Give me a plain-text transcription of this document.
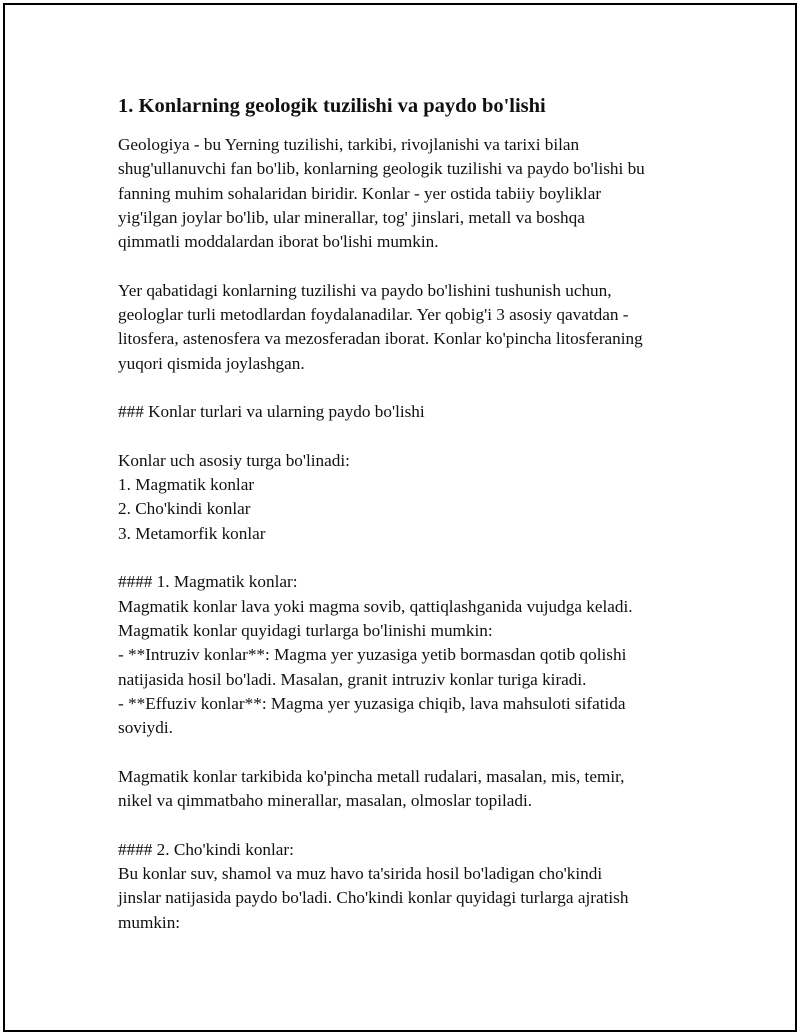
1. Konlarning geologik tuzilishi va paydo bo'lishi

Geologiya - bu Yerning tuzilishi, tarkibi, rivojlanishi va tarixi bilan
shug'ullanuvchi fan bo'lib, konlarning geologik tuzilishi va paydo bo'lishi bu
fanning muhim sohalaridan biridir. Konlar - yer ostida tabiiy boyliklar
yig'ilgan joylar bo'lib, ular minerallar, tog' jinslari, metall va boshqa
qimmatli moddalardan iborat bo'lishi mumkin.

Yer qabatidagi konlarning tuzilishi va paydo bo'lishini tushunish uchun,
geologlar turli metodlardan foydalanadilar. Yer qobig'i 3 asosiy qavatdan -
litosfera, astenosfera va mezosferadan iborat. Konlar ko'pincha litosferaning
yuqori qismida joylashgan.

### Konlar turlari va ularning paydo bo'lishi
Konlar uch asosiy turga bo'linadi:
1. Magmatik konlar
2. Cho'kindi konlar
3. Metamorfik konlar
#### 1. Magmatik konlar:
Magmatik konlar lava yoki magma sovib, qattiqlashganida vujudga keladi.
Magmatik konlar quyidagi turlarga bo'linishi mumkin:
- **Intruziv konlar**: Magma yer yuzasiga yetib bormasdan qotib qolishi
natijasida hosil bo'ladi. Masalan, granit intruziv konlar turiga kiradi.
- **Effuziv konlar**: Magma yer yuzasiga chiqib, lava mahsuloti sifatida
soviydi.
Magmatik konlar tarkibida ko'pincha metall rudalari, masalan, mis, temir,
nikel va qimmatbaho minerallar, masalan, olmoslar topiladi.
#### 2. Cho'kindi konlar:
Bu konlar suv, shamol va muz havo ta'sirida hosil bo'ladigan cho'kindi
jinslar natijasida paydo bo'ladi. Cho'kindi konlar quyidagi turlarga ajratish
mumkin:
